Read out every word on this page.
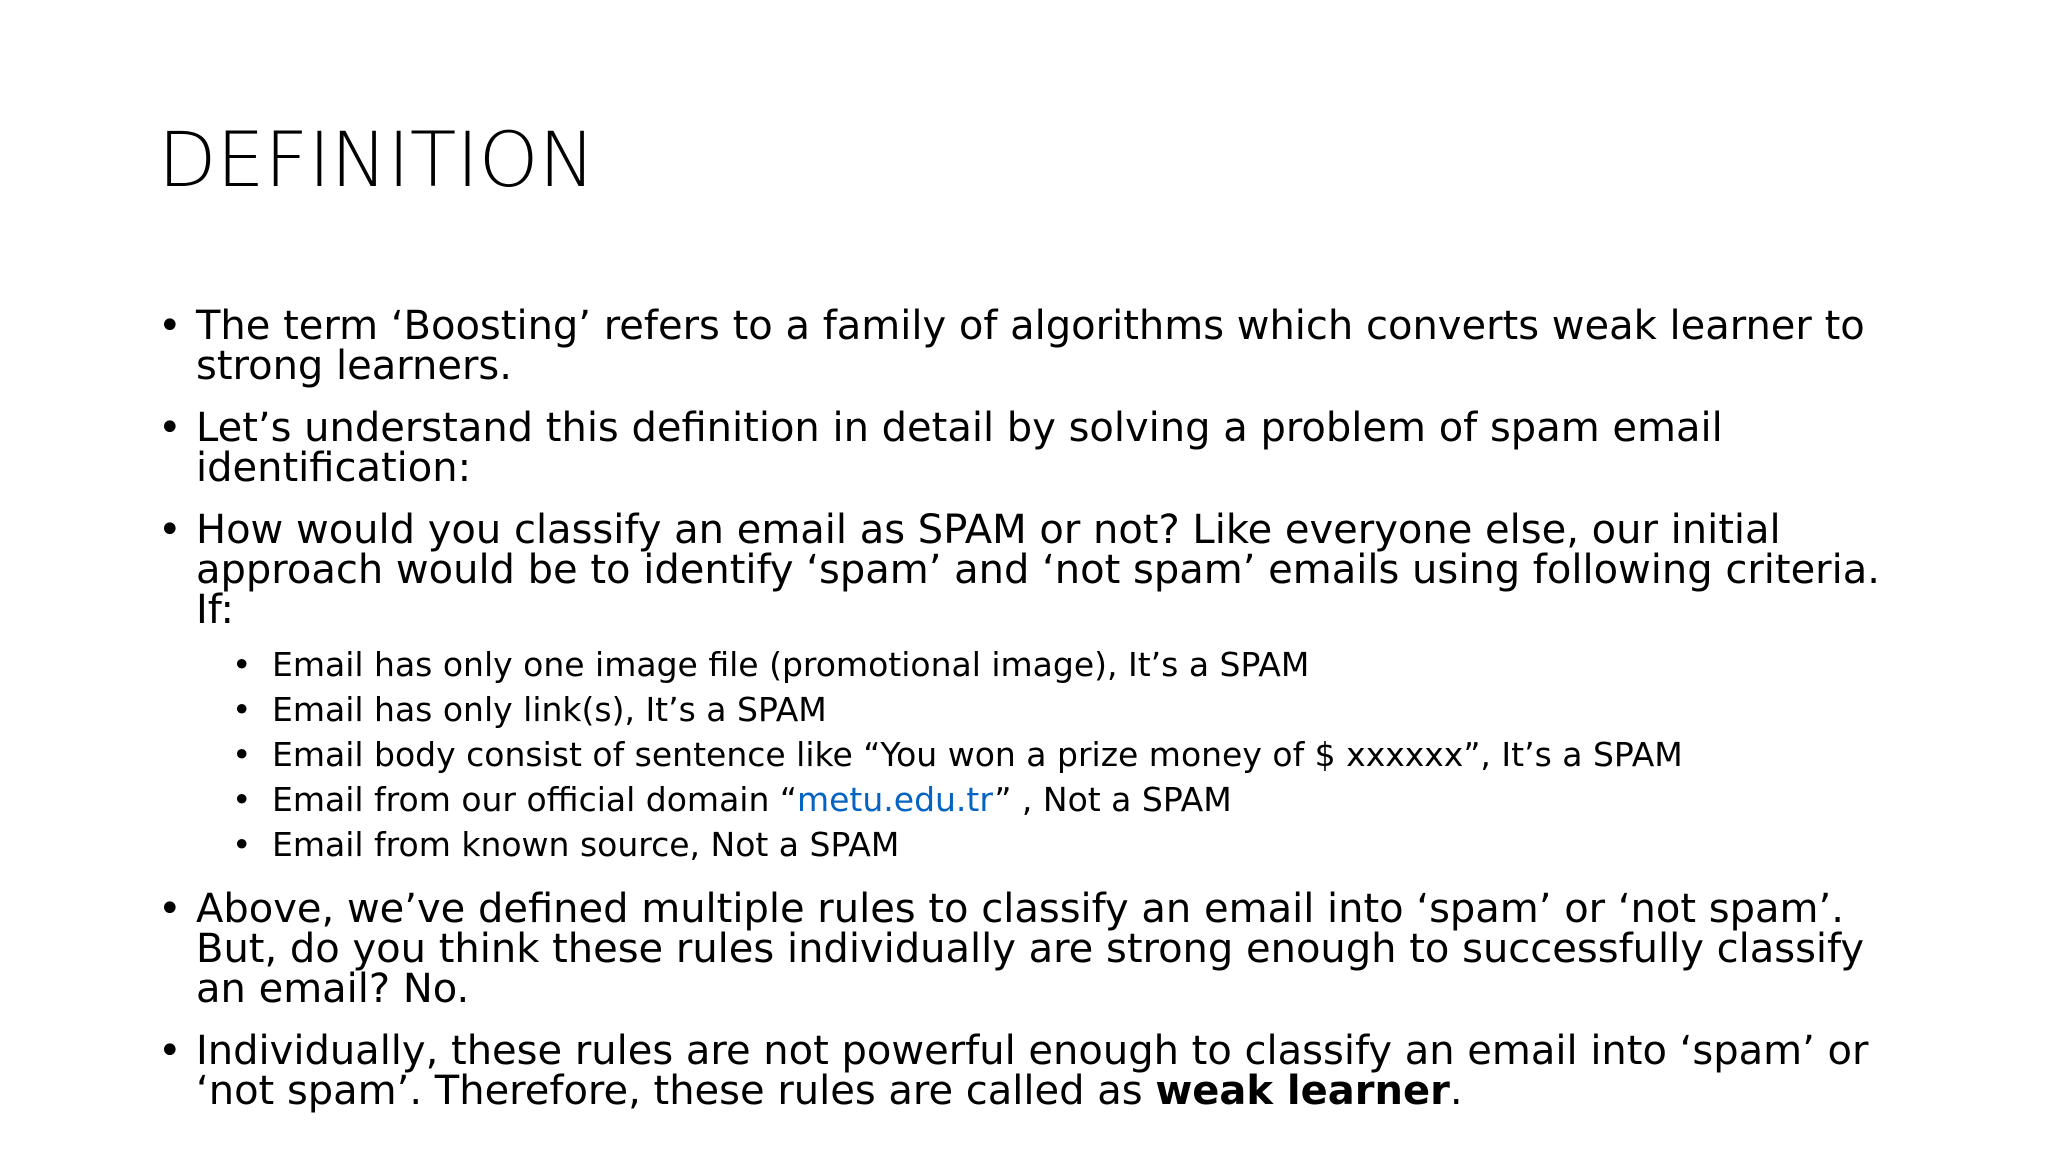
DEFINITION
• The term ‘Boosting’ refers to a family of algorithms which converts weak learner to strong learners.
• Let’s understand this definition in detail by solving a problem of spam email identification:
• How would you classify an email as SPAM or not? Like everyone else, our initial approach would be to identify ‘spam’ and ‘not spam’ emails using following criteria. If:
• Email has only one image file (promotional image), It’s a SPAM
• Email has only link(s), It’s a SPAM
• Email body consist of sentence like “You won a prize money of $ xxxxxx”, It’s a SPAM
• Email from our official domain “metu.edu.tr” , Not a SPAM
• Email from known source, Not a SPAM
• Above, we’ve defined multiple rules to classify an email into ‘spam’ or ‘not spam’. But, do you think these rules individually are strong enough to successfully classify an email? No.
• Individually, these rules are not powerful enough to classify an email into ‘spam’ or ‘not spam’. Therefore, these rules are called as weak learner.
